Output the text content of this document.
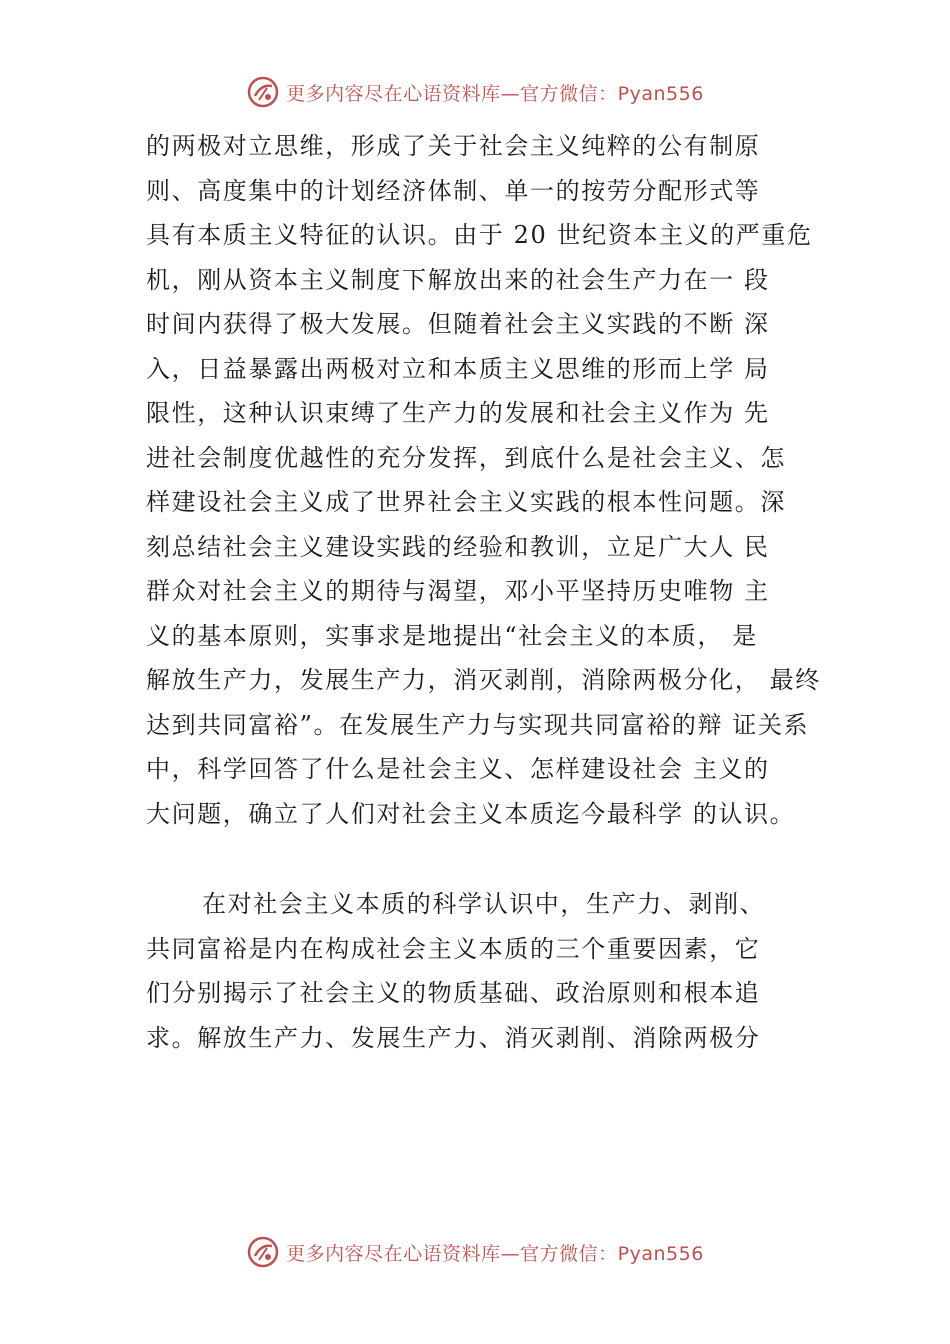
更多内容尽在心语资料库—官方微信：Pyan556
的两极对立思维，形成了关于社会主义纯粹的公有制原
则、高度集中的计划经济体制、单一的按劳分配形式等
具有本质主义特征的认识。由于 20 世纪资本主义的严重危
机，刚从资本主义制度下解放出来的社会生产力在一 段
时间内获得了极大发展。但随着社会主义实践的不断 深
入，日益暴露出两极对立和本质主义思维的形而上学 局
限性，这种认识束缚了生产力的发展和社会主义作为 先
进社会制度优越性的充分发挥，到底什么是社会主义、怎
样建设社会主义成了世界社会主义实践的根本性问题。深
刻总结社会主义建设实践的经验和教训，立足广大人 民
群众对社会主义的期待与渴望，邓小平坚持历史唯物 主
义的基本原则，实事求是地提出“社会主义的本质， 是
解放生产力，发展生产力，消灭剥削，消除两极分化， 最终
达到共同富裕”。在发展生产力与实现共同富裕的辩 证关系
中，科学回答了什么是社会主义、怎样建设社会 主义的
大问题，确立了人们对社会主义本质迄今最科学 的认识。
在对社会主义本质的科学认识中，生产力、剥削、
共同富裕是内在构成社会主义本质的三个重要因素，它
们分别揭示了社会主义的物质基础、政治原则和根本追
求。解放生产力、发展生产力、消灭剥削、消除两极分
更多内容尽在心语资料库—官方微信：Pyan556
